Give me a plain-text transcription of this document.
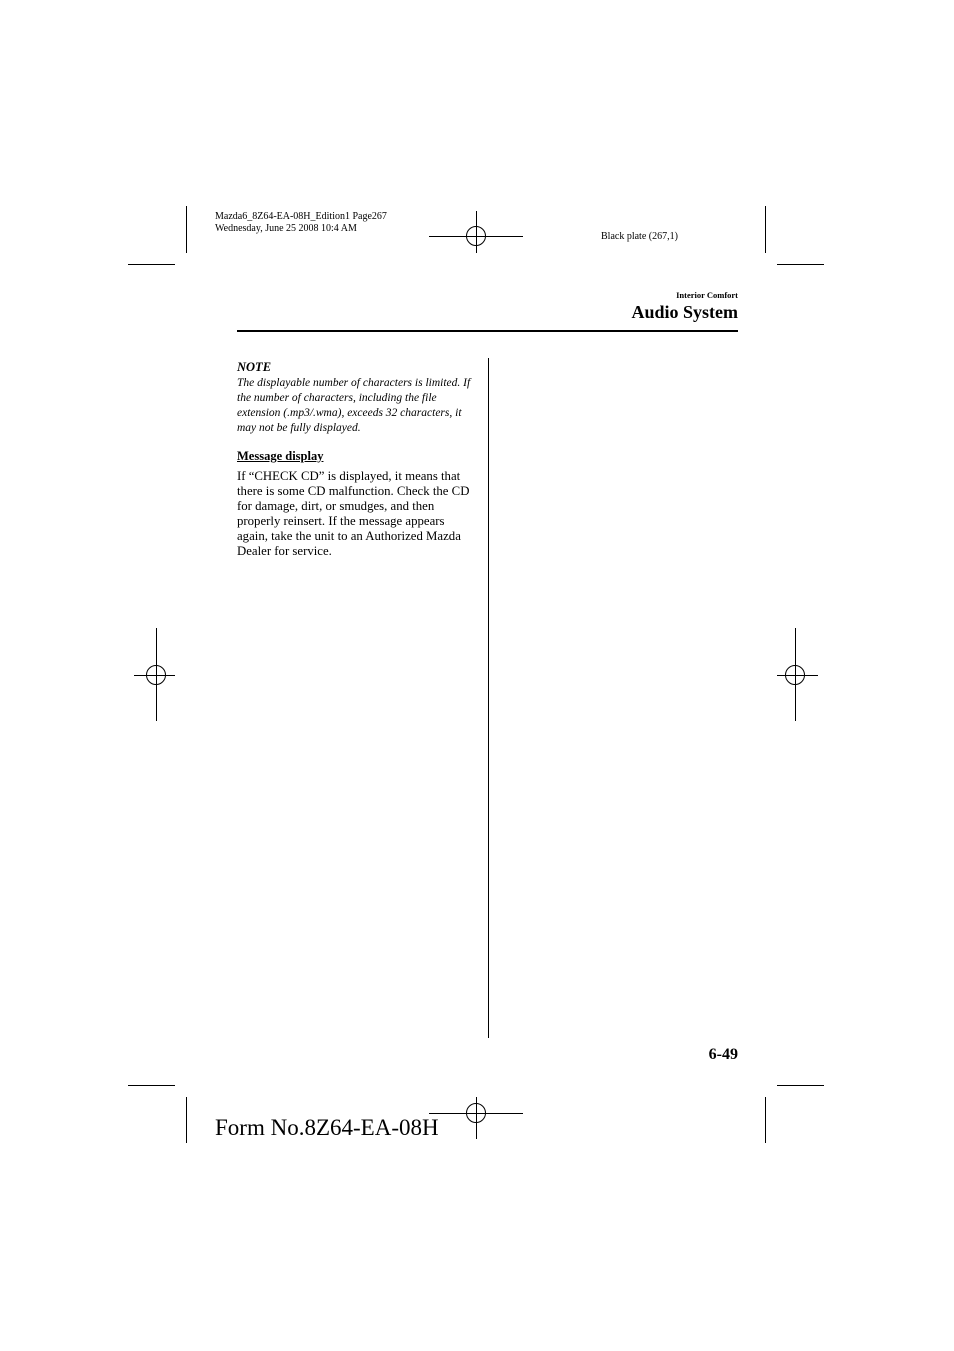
Mazda6_8Z64-EA-08H_Edition1 Page267
Wednesday, June 25 2008 10:4 AM
Black plate (267,1)
Interior Comfort
Audio System
NOTE

The displayable number of characters is limited. If the number of characters, including the file extension (.mp3/.wma), exceeds 32 characters, it may not be fully displayed.

Message display

If “CHECK CD” is displayed, it means that there is some CD malfunction. Check the CD for damage, dirt, or smudges, and then properly reinsert. If the message appears again, take the unit to an Authorized Mazda Dealer for service.

6-49
Form No.8Z64-EA-08H
